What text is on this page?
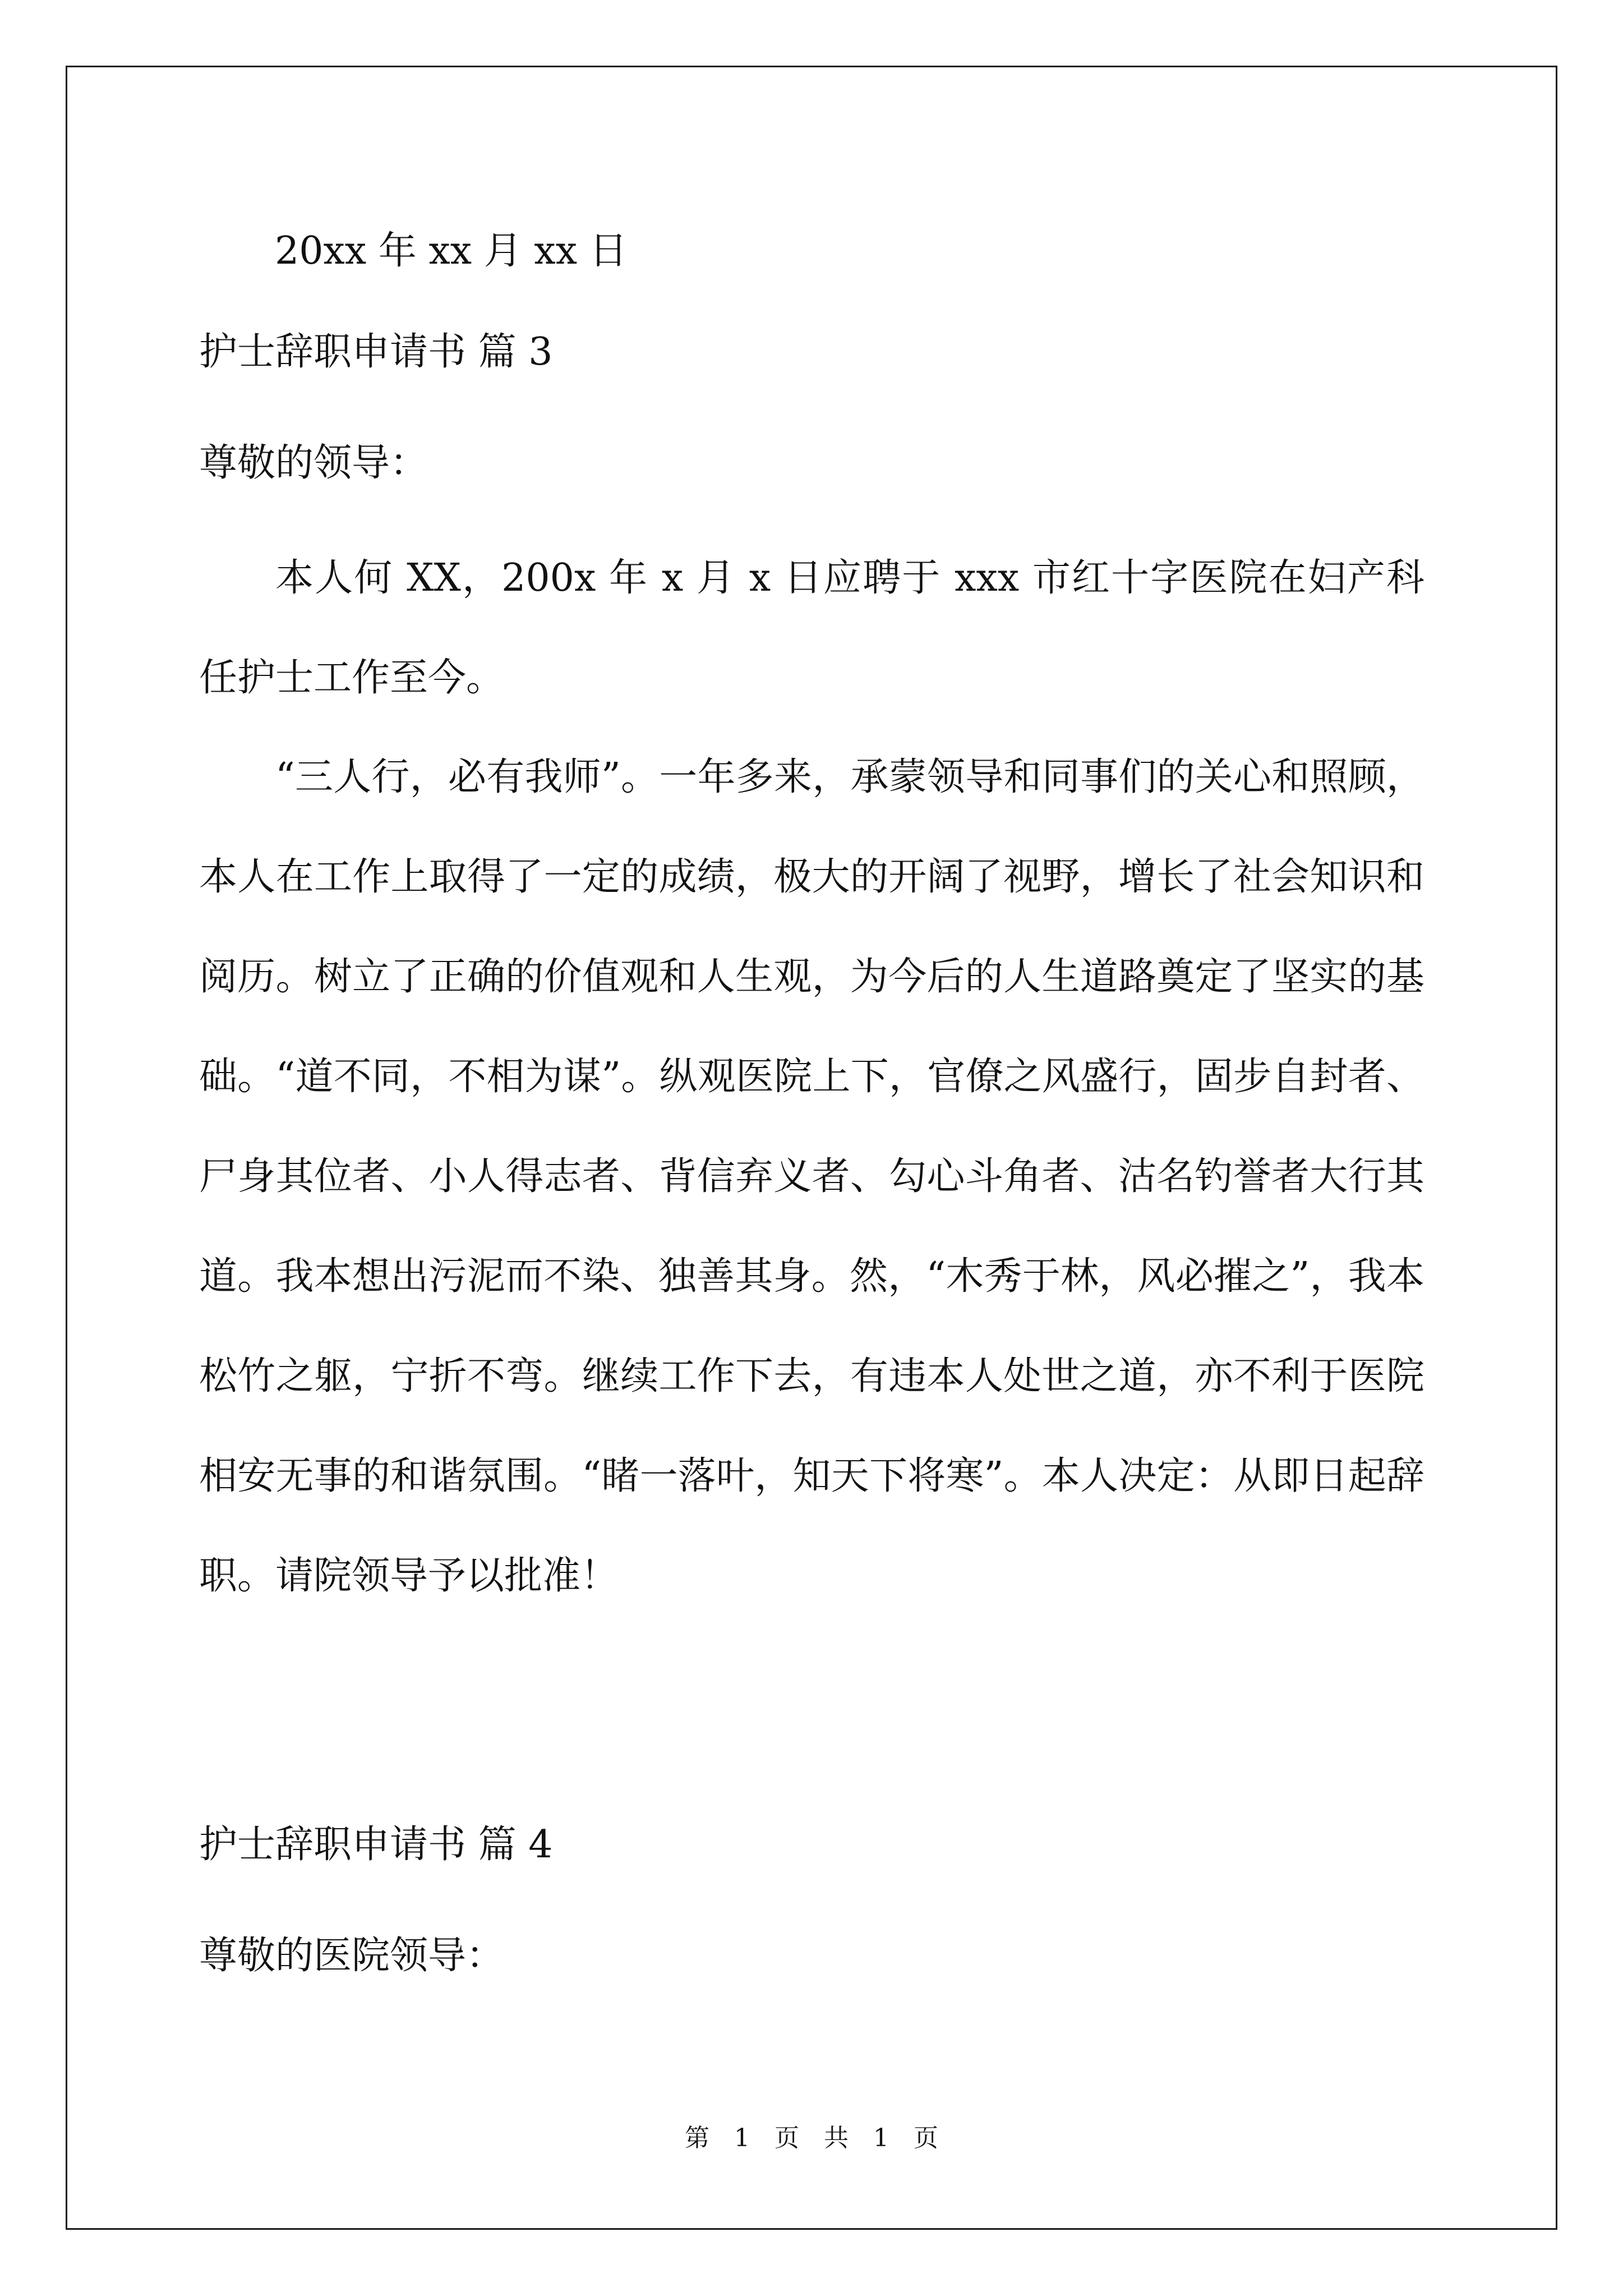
20xx 年 xx 月 xx 日

护士辞职申请书 篇 3

尊敬的领导：

本人何 XX，200x 年 x 月 x 日应聘于 xxx 市红十字医院在妇产科任护士工作至今。

“三人行，必有我师”。一年多来，承蒙领导和同事们的关心和照顾，本人在工作上取得了一定的成绩，极大的开阔了视野，增长了社会知识和阅历。树立了正确的价值观和人生观，为今后的人生道路奠定了坚实的基础。“道不同，不相为谋”。纵观医院上下，官僚之风盛行，固步自封者、尸身其位者、小人得志者、背信弃义者、勾心斗角者、沽名钓誉者大行其道。我本想出污泥而不染、独善其身。然，“木秀于林，风必摧之”，我本松竹之躯，宁折不弯。继续工作下去，有违本人处世之道，亦不利于医院相安无事的和谐氛围。“睹一落叶，知天下将寒”。本人决定：从即日起辞职。请院领导予以批准！

护士辞职申请书 篇 4

尊敬的医院领导：

第 1 页 共 1 页
